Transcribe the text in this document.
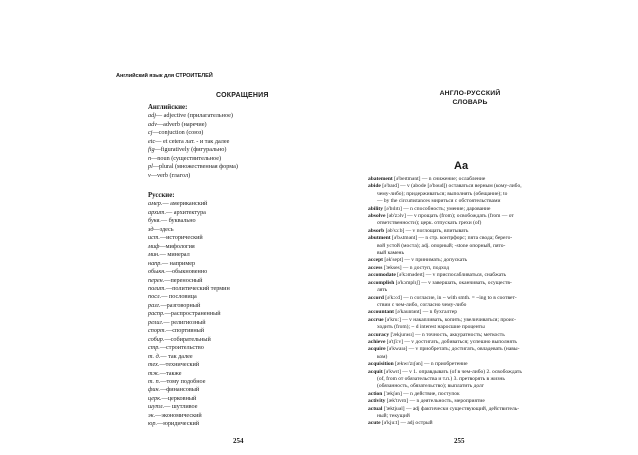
Английский язык для СТРОИТЕЛЕЙ
СОКРАЩЕНИЯ
Английские:
adj— adjective (прилагательное)
adv—adverb (наречие)
cj—conjuction (союз)
etc— et cetera лат. - и так далее
fig—figuratively (фигурально)
n—noun (существительное)
pl—plural (множественная форма)
v—verb (глагол)
Русские:
амер.— американский
архит.— архитектура
букв.— буквально
зд—здесь
ист.—исторический
миф—мифология
мин.— минерал
напр.— например
обыкн.—обыкновенно
перен.—переносный
полит.—политический термин
посл.— пословица
разг.—разговорный
распр.—распространенный
религ.— религиозный
спорт.—спортивный
собир.—собирательный
стр.—строительство
т. д.— так далее
тех.—технический
тж.—также
т. п.—тому подобное
фин.—финансовый
церк.—церковный
шутл.— шутливое
эк.—экономический
юр.—юридический
254
АНГЛО-РУССКИЙ
СЛОВАРЬ
Aa
abatement [ə'beɪtmənt] — n снижение; ослабление
abide [ə'baɪd] — v (abode [ə'bəud]) оставаться верным (кому-либо,
чему-либо); придерживаться; выполнять (обещание); to
— by the circumstances мириться с обстоятельствами
ability [ə'bɪlɪtɪ] — n способность; умение; дарование
absolve [əb'zɔlv] — v прощать (from); освобождать (from — от
ответственности); церк. отпускать грехи (of)
absorb [əb'sɔ:b] — v поглощать, впитывать
abutment [ə'bʌtmənt] — n стр. контрфорс; пята свода; берего-
вой устой (моста); adj. опорный; -stone опорный, пято-
вый камень
accept [ək'sept] — v принимать; допускать
access ['ækses] — n доступ, подход
accomodate [ə'kɔmədeɪt] — v приспосабливаться, снабжать
accomplish [ə'kɔmplɪʃ] — v завершать, оканчивать, осуществ-
лять
accord [ə'kɔ:d] — n согласие, in ~ with smth. = ~ing to в соответ-
ствии с чем-либо, согласно чему-либо
accountant [ə'kauntənt] — n бухгалтер
accrue [ə'kru:] — v накапливать, копить; увеличиваться; проис-
ходить (from); ~ d interest наросшие проценты
accuracy ['ækjurəsɪ] — n точность, аккуратность; меткость
achieve [ə'tʃi:v] — v достигать, добиваться; успешно выполнять
acquire [ə'kwaɪə] — v приобретать; достигать, овладевать (навы-
ком)
acquisition [ækwɪ'zɪʃən] — n приобретение
acquit [ə'kwɪt] — v 1. оправдывать (of в чем-либо) 2. освобождать
(of, from от обязательства и т.п.) 3. претворять в жизнь
(обязанность, обязательство); выплатить долг
action ['ækʃən] — n действие, поступок
activity [æk'tɪvɪtɪ] — n деятельность, мероприятие
actual ['æktjuəl] — adj фактически существующий, действитель-
ный; текущий
acute [ə'kju:t] — adj острый
255
